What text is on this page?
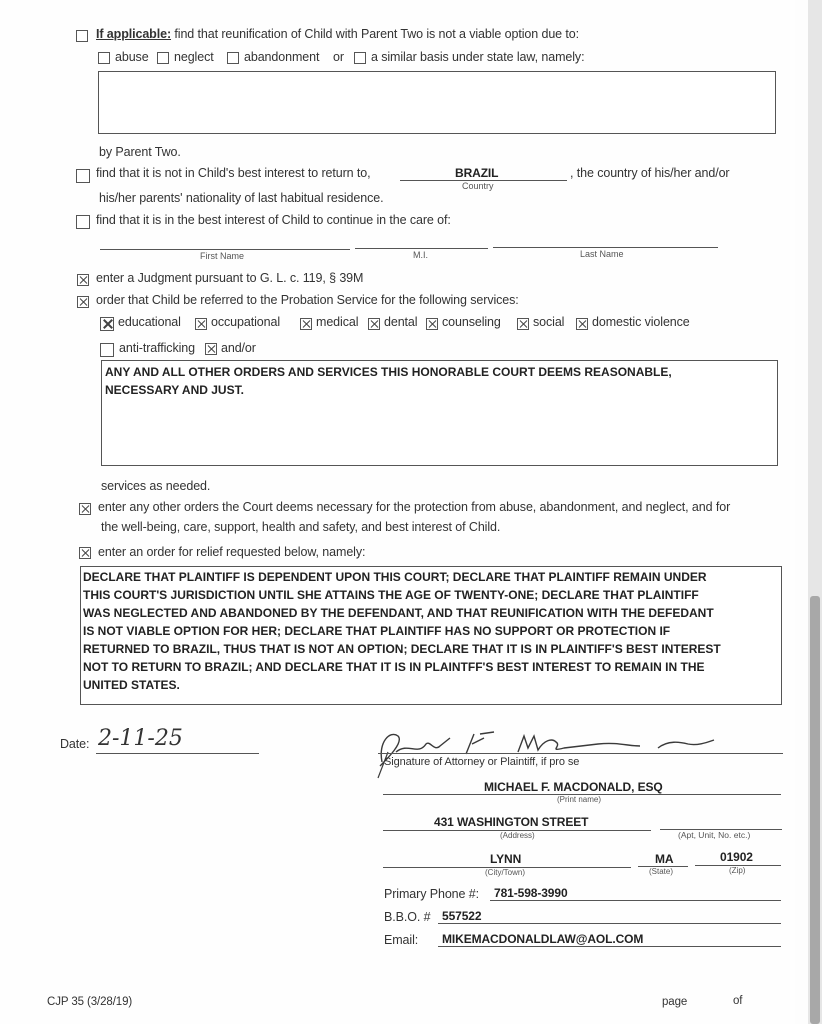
If applicable: find that reunification of Child with Parent Two is not a viable option due to:
abuse neglect abandonment or a similar basis under state law, namely:
by Parent Two.
find that it is not in Child's best interest to return to,	BRAZIL
Country
, the country of his/her and/or
his/her parents' nationality of last habitual residence.
find that it is in the best interest of Child to continue in the care of:
First Name	M.I.	Last Name
enter a Judgment pursuant to G. L. c. 119, § 39M
order that Child be referred to the Probation Service for the following services:
educational occupational	medical dental counseling	social domestic violence
anti-trafficking and/or
ANY AND ALL OTHER ORDERS AND SERVICES THIS HONORABLE COURT DEEMS REASONABLE, NECESSARY AND JUST.
services as needed.
enter any other orders the Court deems necessary for the protection from abuse, abandonment, and neglect, and for
the well-being, care, support, health and safety, and best interest of Child.
enter an order for relief requested below, namely:
DECLARE THAT PLAINTIFF IS DEPENDENT UPON THIS COURT; DECLARE THAT PLAINTIFF REMAIN UNDER
THIS COURT'S JURISDICTION UNTIL SHE ATTAINS THE AGE OF TWENTY-ONE; DECLARE THAT PLAINTIFF
WAS NEGLECTED AND ABANDONED BY THE DEFENDANT, AND THAT REUNIFICATION WITH THE DEFEDANT
IS NOT VIABLE OPTION FOR HER; DECLARE THAT PLAINTIFF HAS NO SUPPORT OR PROTECTION IF
RETURNED TO BRAZIL, THUS THAT IS NOT AN OPTION; DECLARE THAT IT IS IN PLAINTIFF'S BEST INTEREST
NOT TO RETURN TO BRAZIL; AND DECLARE THAT IT IS IN PLAINTFF'S BEST INTEREST TO REMAIN IN THE
UNITED STATES.
Date: 2-11-25
Signature of Attorney or Plaintiff, if pro se
MICHAEL F. MACDONALD, ESQ
(Print name)
431 WASHINGTON STREET
(Address)	(Apt, Unit, No. etc.)
LYNN
(City/Town)
MA
(State)
01902
(Zip)
Primary Phone #: 781-598-3990
B.B.O. # 557522
Email: MIKEMACDONALDLAW@AOL.COM
CJP 35 (3/28/19)	page	of
